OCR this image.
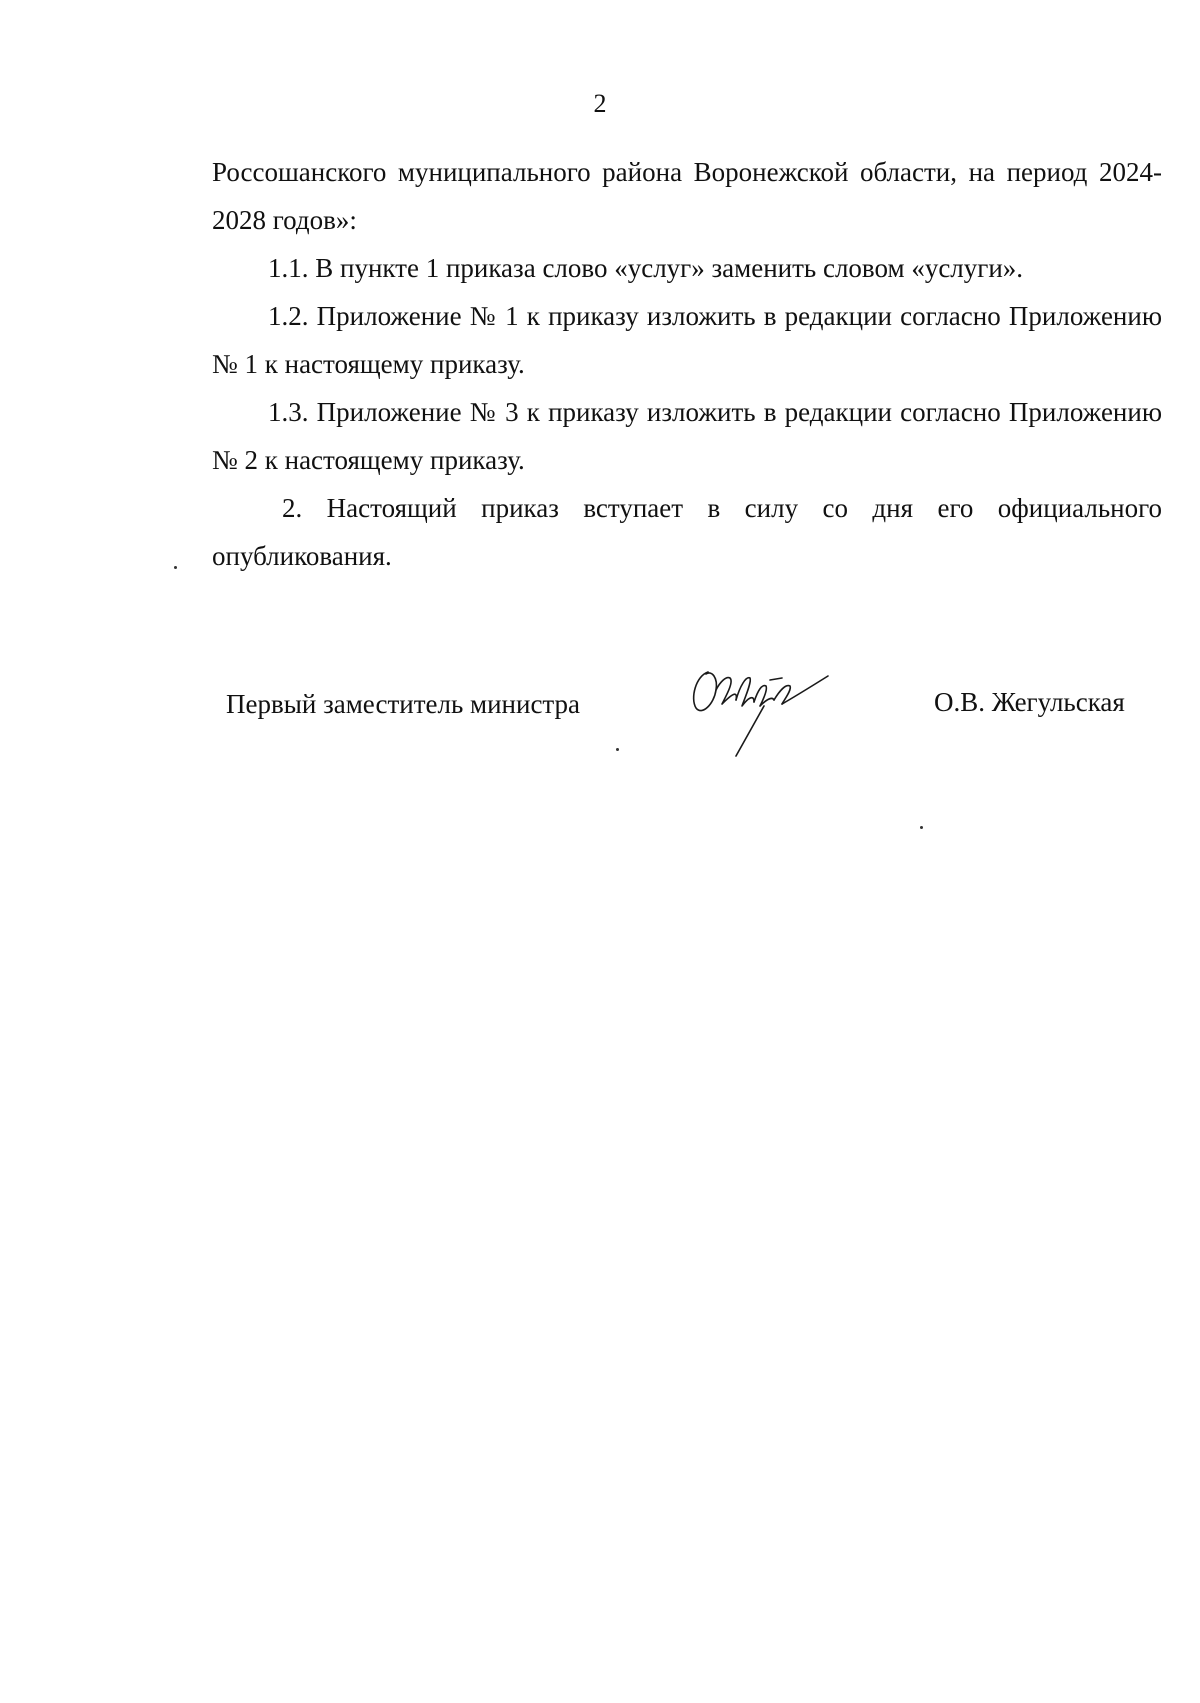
2

Россошанского муниципального района Воронежской области, на период 2024-2028 годов»:

1.1. В пункте 1 приказа слово «услуг» заменить словом «услуги».

1.2. Приложение № 1 к приказу изложить в редакции согласно Приложению № 1 к настоящему приказу.

1.3. Приложение № 3 к приказу изложить в редакции согласно Приложению № 2 к настоящему приказу.

2. Настоящий приказ вступает в силу со дня его официального опубликования.

Первый заместитель министра	О.В. Жегульская
